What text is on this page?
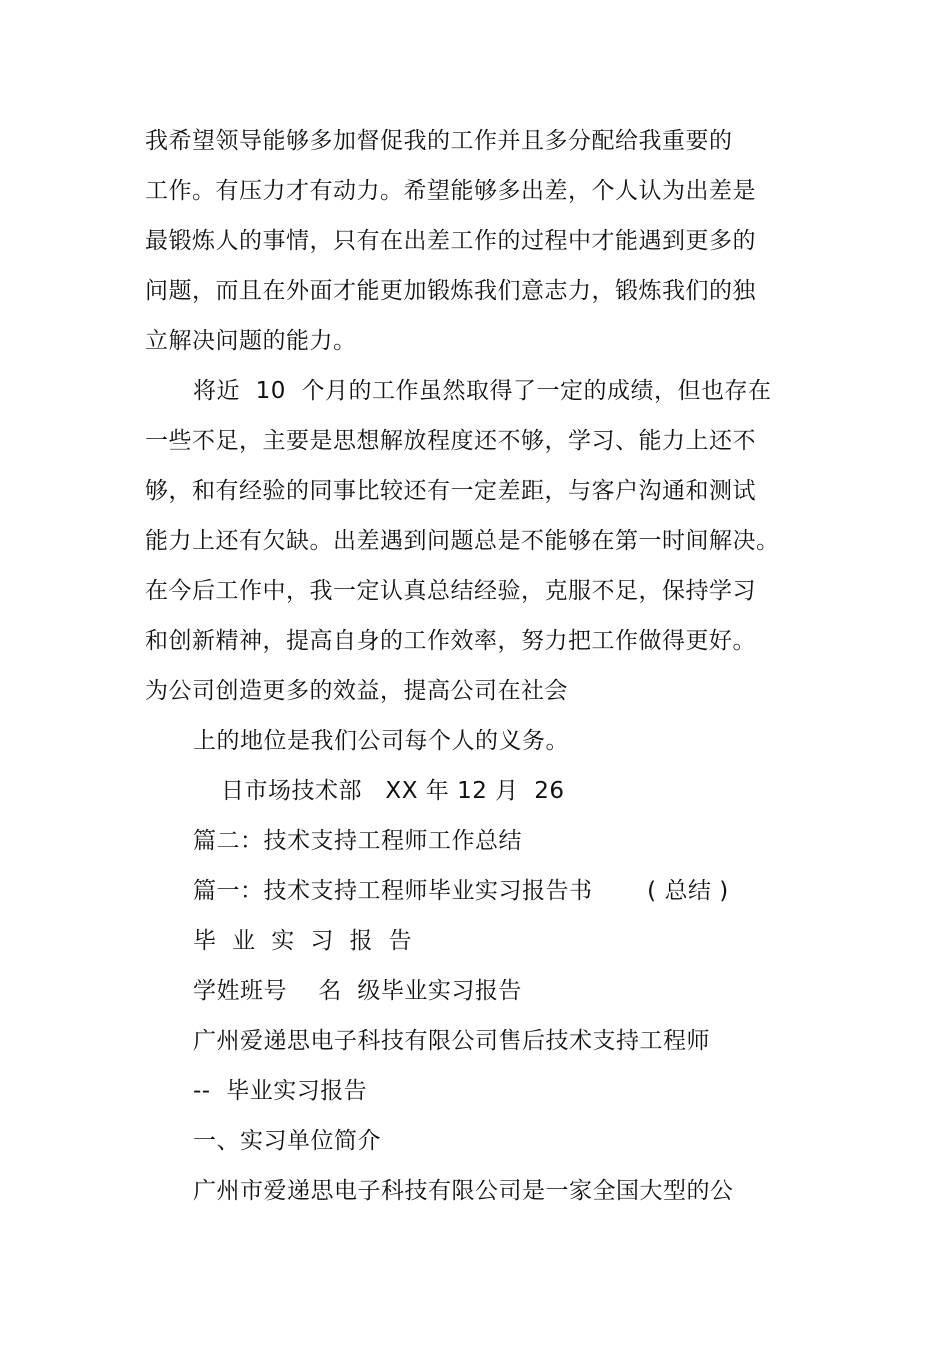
我希望领导能够多加督促我的工作并且多分配给我重要的
工作。有压力才有动力。希望能够多出差，个人认为出差是
最锻炼人的事情，只有在出差工作的过程中才能遇到更多的
问题，而且在外面才能更加锻炼我们意志力，锻炼我们的独
立解决问题的能力。
将近  10  个月的工作虽然取得了一定的成绩，但也存在
一些不足，主要是思想解放程度还不够，学习、能力上还不
够，和有经验的同事比较还有一定差距，与客户沟通和测试
能力上还有欠缺。出差遇到问题总是不能够在第一时间解决。
在今后工作中，我一定认真总结经验，克服不足，保持学习
和创新精神，提高自身的工作效率，努力把工作做得更好。
为公司创造更多的效益，提高公司在社会
上的地位是我们公司每个人的义务。
日市场技术部   XX 年 12 月  26
篇二：技术支持工程师工作总结
篇一：技术支持工程师毕业实习报告书       ( 总结 )
毕  业  实  习  报  告
学姓班号    名  级毕业实习报告
广州爱递思电子科技有限公司售后技术支持工程师
--  毕业实习报告
一、实习单位简介
广州市爱递思电子科技有限公司是一家全国大型的公
